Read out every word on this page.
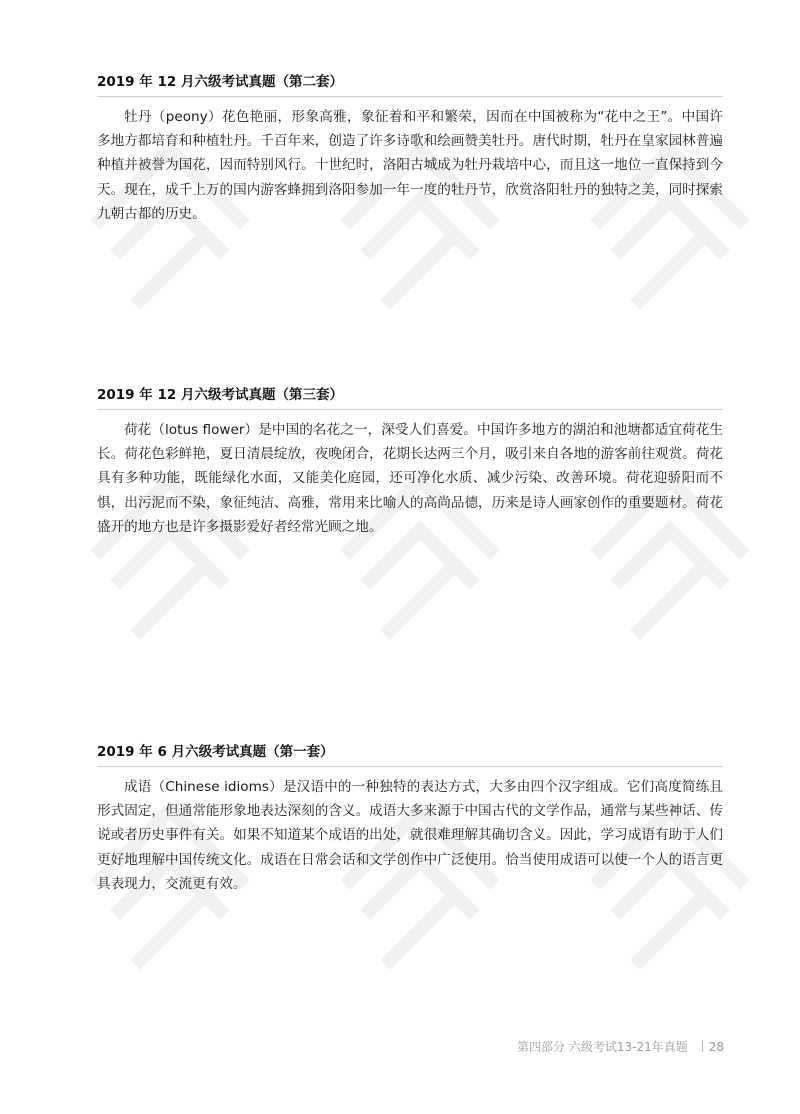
2019 年 12 月六级考试真题（第二套）
牡丹（peony）花色艳丽，形象高雅，象征着和平和繁荣，因而在中国被称为“花中之王”。中国许多地方都培育和种植牡丹。千百年来，创造了许多诗歌和绘画赞美牡丹。唐代时期，牡丹在皇家园林普遍种植并被誉为国花，因而特别风行。十世纪时，洛阳古城成为牡丹栽培中心，而且这一地位一直保持到今天。现在，成千上万的国内游客蜂拥到洛阳参加一年一度的牡丹节，欣赏洛阳牡丹的独特之美，同时探索九朝古都的历史。
2019 年 12 月六级考试真题（第三套）
荷花（lotus flower）是中国的名花之一，深受人们喜爱。中国许多地方的湖泊和池塘都适宜荷花生长。荷花色彩鲜艳，夏日清晨绽放，夜晚闭合，花期长达两三个月，吸引来自各地的游客前往观赏。荷花具有多种功能，既能绿化水面，又能美化庭园，还可净化水质、减少污染、改善环境。荷花迎骄阳而不惧，出污泥而不染，象征纯洁、高雅，常用来比喻人的高尚品德，历来是诗人画家创作的重要题材。荷花盛开的地方也是许多摄影爱好者经常光顾之地。
2019 年 6 月六级考试真题（第一套）
成语（Chinese idioms）是汉语中的一种独特的表达方式，大多由四个汉字组成。它们高度简练且形式固定，但通常能形象地表达深刻的含义。成语大多来源于中国古代的文学作品，通常与某些神话、传说或者历史事件有关。如果不知道某个成语的出处，就很难理解其确切含义。因此，学习成语有助于人们更好地理解中国传统文化。成语在日常会话和文学创作中广泛使用。恰当使用成语可以使一个人的语言更具表现力，交流更有效。
第四部分 六级考试13-21年真题 28
